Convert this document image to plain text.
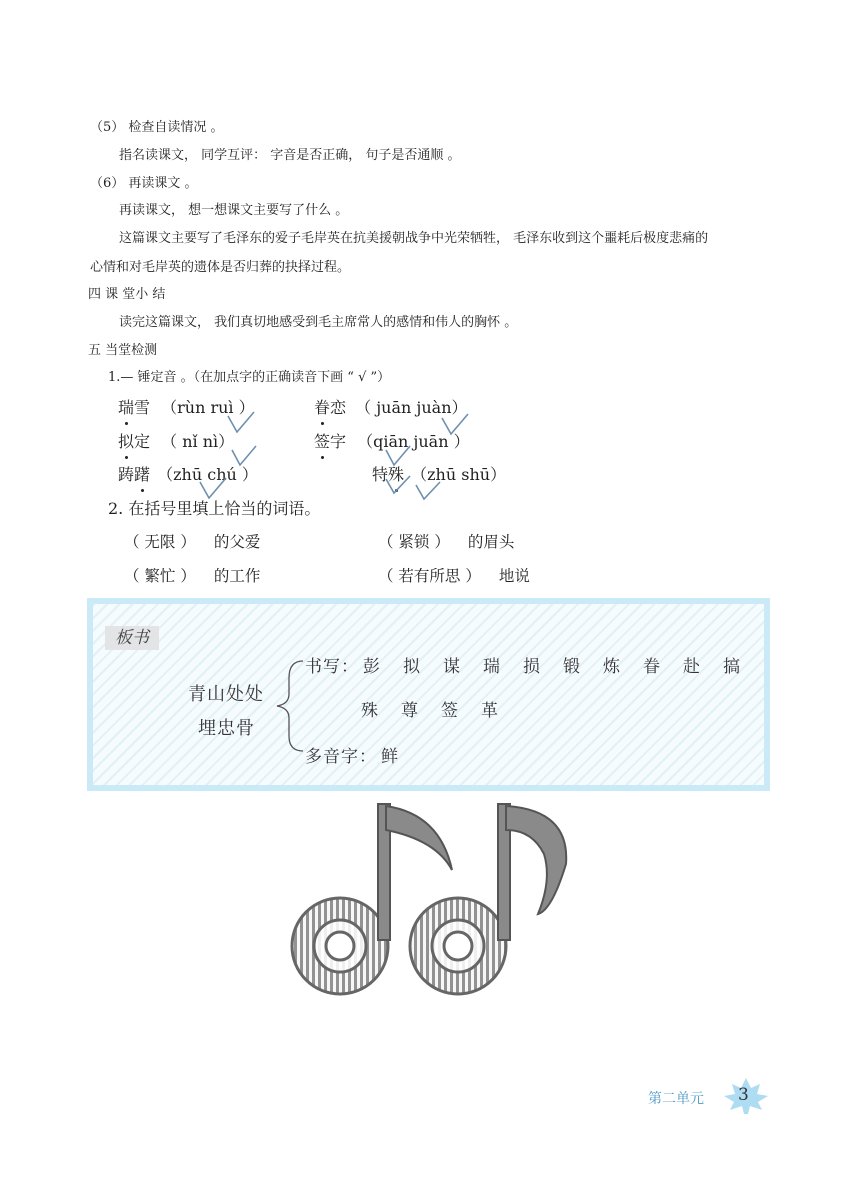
（5） 检查自读情况 。
指名读课文， 同学互评： 字音是否正确， 句子是否通顺 。
（6） 再读课文 。
再读课文， 想一想课文主要写了什么 。
这篇课文主要写了毛泽东的爱子毛岸英在抗美援朝战争中光荣牺牲， 毛泽东收到这个噩耗后极度悲痛的
心情和对毛岸英的遗体是否归葬的抉择过程。
四 课 堂小 结
读完这篇课文， 我们真切地感受到毛主席常人的感情和伟人的胸怀 。
五 当堂检测
1.— 锤定音 。（在加点字的正确读音下画 “ √ ”）
瑞雪 （rùn ruì ）	眷恋 （ juān juàn）
拟定 （ nǐ nì）	签字 （qiān juān ）
踌躇 （zhū chú ）	特殊 （zhū shū）
2. 在括号里填上恰当的词语。
（ 无限 ） 的父爱	（ 紧锁 ） 的眉头
（ 繁忙 ） 的工作	（ 若有所思 ） 地说
板书
青山处处
埋忠骨
书写： 彭 拟 谋 瑞 损 锻 炼 眷 赴 搞
殊 尊 签 革
多音字： 鲜
第二单元 3
